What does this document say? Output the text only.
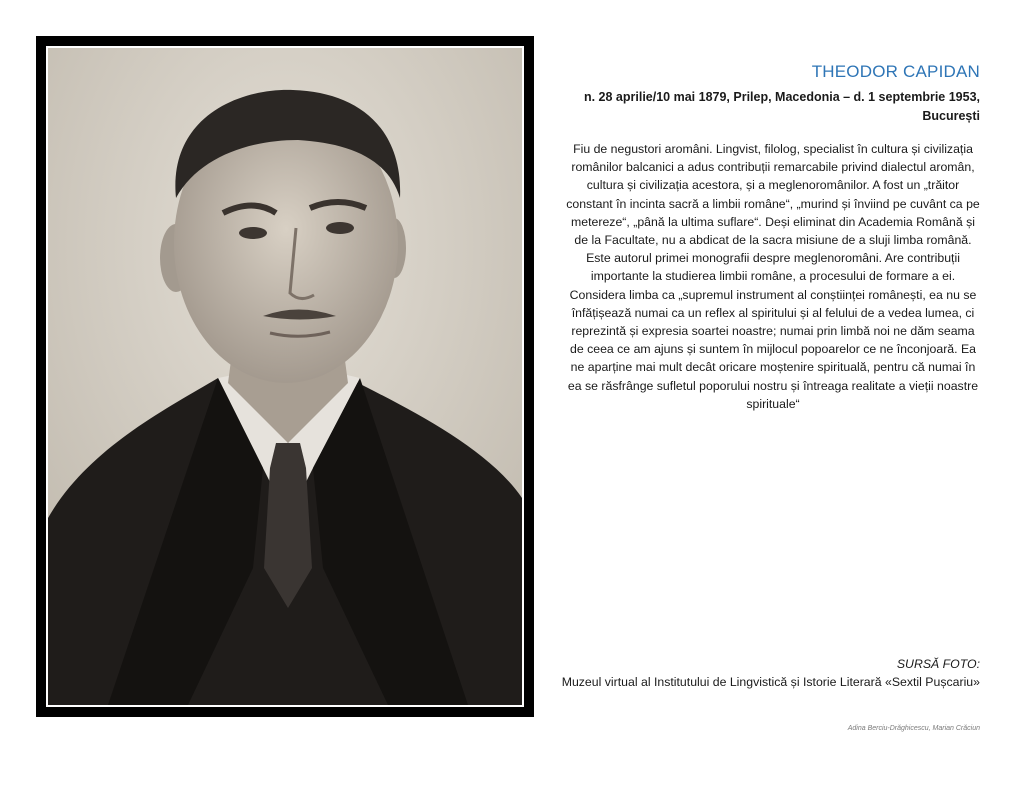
THEODOR CAPIDAN
n. 28 aprilie/10 mai 1879, Prilep, Macedonia – d. 1 septembrie 1953,
București

Fiu de negustori aromâni. Lingvist, filolog, specialist în cultura și civilizația românilor balcanici a adus contribuții remarcabile privind dialectul aromân, cultura și civilizația acestora, și a meglenoromânilor. A fost un „trăitor constant în incinta sacră a limbii române“, „murind și înviind pe cuvânt ca pe metereze“, „până la ultima suflare“. Deși eliminat din Academia Română și de la Facultate, nu a abdicat de la sacra misiune de a sluji limba română. Este autorul primei monografii despre meglenoromâni. Are contribuții importante la studierea limbii române, a procesului de formare a ei. Considera limba ca „supremul instrument al conștiinței românești, ea nu se înfățișează numai ca un reflex al spiritului și al felului de a vedea lumea, ci reprezintă și expresia soartei noastre; numai prin limbă noi ne dăm seama de ceea ce am ajuns și suntem în mijlocul popoarelor ce ne înconjoară. Ea ne aparține mai mult decât oricare moștenire spirituală, pentru că numai în ea se răsfrânge sufletul poporului nostru și întreaga realitate a vieții noastre spirituale“

SURSĂ FOTO:
Muzeul virtual al Institutului de Lingvistică și Istorie Literară «Sextil Pușcariu»
Adina Berciu-Drăghicescu, Marian Crăciun
